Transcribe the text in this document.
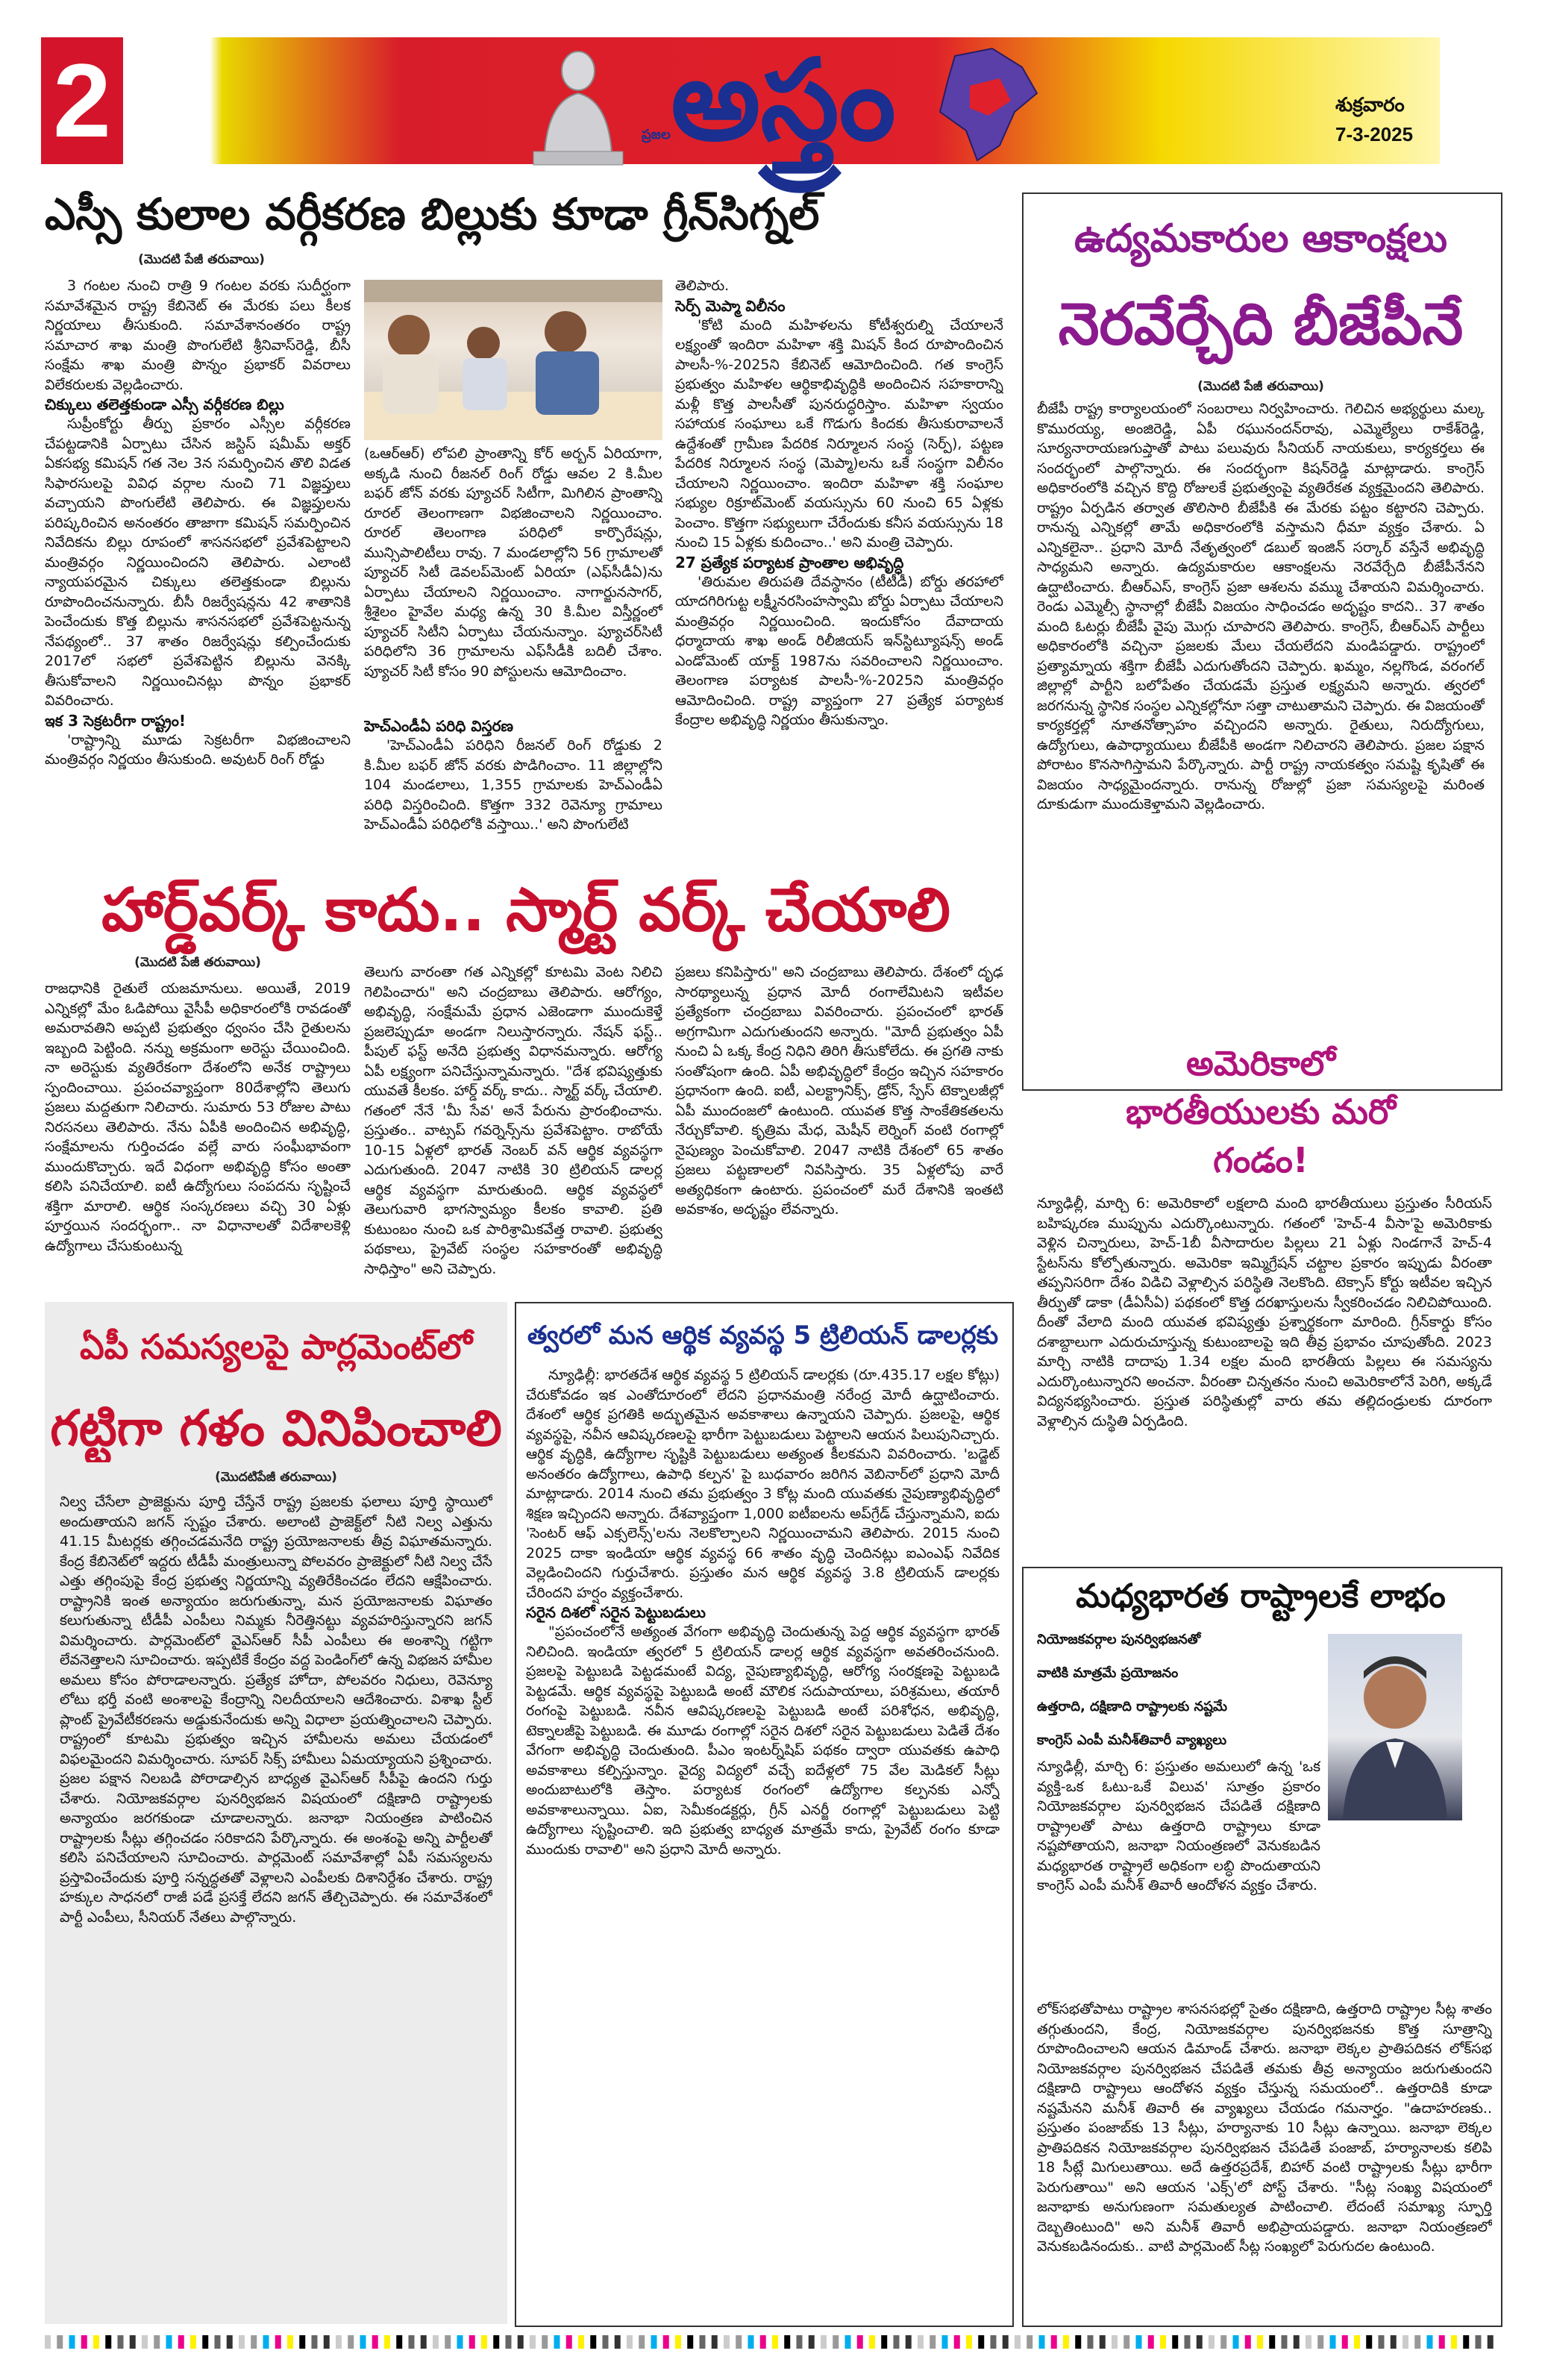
2	అస్త్రం
ప్రజల
శుక్రవారం
7-3-2025
ఎస్సీ కులాల వర్గీకరణ బిల్లుకు కూడా గ్రీన్‌సిగ్నల్
(మొదటి పేజీ తరువాయి)

3 గంటల నుంచి రాత్రి 9 గంటల వరకు సుదీర్ఘంగా సమావేశమైన రాష్ట్ర కేబినెట్ ఈ మేరకు పలు కీలక నిర్ణయాలు తీసుకుంది. సమావేశానంతరం రాష్ట్ర సమాచార శాఖ మంత్రి పొంగులేటి శ్రీనివాస్‌రెడ్డి, బీసీ సంక్షేమ శాఖ మంత్రి పొన్నం ప్రభాకర్ వివరాలు విలేకరులకు వెల్లడించారు.

చిక్కులు తలెత్తకుండా ఎస్సీ వర్గీకరణ బిల్లు

సుప్రీంకోర్టు తీర్పు ప్రకారం ఎస్సీల వర్గీకరణ చేపట్టడానికి ఏర్పాటు చేసిన జస్టిస్ షమీమ్ అక్తర్ ఏకసభ్య కమిషన్ గత నెల 3న సమర్పించిన తొలి విడత సిఫారసులపై వివిధ వర్గాల నుంచి 71 విజ్ఞప్తులు వచ్చాయని పొంగులేటి తెలిపారు. ఈ విజ్ఞప్తులను పరిష్కరించిన అనంతరం తాజాగా కమిషన్ సమర్పించిన నివేదికను బిల్లు రూపంలో శాసనసభలో ప్రవేశపెట్టాలని మంత్రివర్గం నిర్ణయించిందని తెలిపారు. ఎలాంటి న్యాయపరమైన చిక్కులు తలెత్తకుండా బిల్లును రూపొందించనున్నారు. బీసీ రిజర్వేషన్లను 42 శాతానికి పెంచేందుకు కొత్త బిల్లును శాసనసభలో ప్రవేశపెట్టనున్న నేపథ్యంలో.. 37 శాతం రిజర్వేషన్లు కల్పించేందుకు 2017లో సభలో ప్రవేశపెట్టిన బిల్లును వెనక్కి తీసుకోవాలని నిర్ణయించినట్లు పొన్నం ప్రభాకర్ వివరించారు.

ఇక 3 సెక్రటరీగా రాష్ట్రం!

'రాష్ట్రాన్ని మూడు సెక్రటరీగా విభజించాలని మంత్రివర్గం నిర్ణయం తీసుకుంది. అవుటర్ రింగ్ రోడ్డు

(ఒఆర్‌ఆర్) లోపలి ప్రాంతాన్ని కోర్ అర్బన్ ఏరియాగా, అక్కడి నుంచి రీజనల్ రింగ్ రోడ్డు ఆవల 2 కి.మీల బఫర్ జోన్ వరకు ప్యూచర్ సిటీగా, మిగిలిన ప్రాంతాన్ని రూరల్ తెలంగాణగా విభజించాలని నిర్ణయించాం. రూరల్ తెలంగాణ పరిధిలో కార్పొరేషన్లు, మున్సిపాలిటీలు రావు. 7 మండలాల్లోని 56 గ్రామాలతో ప్యూచర్ సిటీ డెవలప్‌మెంట్ ఏరియా (ఎఫ్‌సీడీఏ)ను ఏర్పాటు చేయాలని నిర్ణయించాం. నాగార్జునసాగర్, శ్రీశైలం హైవేల మధ్య ఉన్న 30 కి.మీల విస్తీర్ణంలో ప్యూచర్ సిటీని ఏర్పాటు చేయనున్నాం. ప్యూచర్‌సిటీ పరిధిలోని 36 గ్రామాలను ఎఫ్‌సీడీకి బదిలీ చేశాం. ప్యూచర్ సిటీ కోసం 90 పోస్టులను ఆమోదించాం.
హెచ్‌ఎండీఏ పరిధి విస్తరణ

'హెచ్‌ఎండీఏ పరిధిని రీజనల్ రింగ్ రోడ్డుకు 2 కి.మీల బఫర్ జోన్ వరకు పొడిగించాం. 11 జిల్లాల్లోని 104 మండలాలు, 1,355 గ్రామాలకు హెచ్‌ఎండీఏ పరిధి విస్తరించింది. కొత్తగా 332 రెవెన్యూ గ్రామాలు హెచ్‌ఎండీఏ పరిధిలోకి వస్తాయి..' అని పొంగులేటి

తెలిపారు.

సెర్ప్ మెప్మా విలీనం

'కోటి మంది మహిళలను కోటీశ్వరుల్ని చేయాలనే లక్ష్యంతో ఇందిరా మహిళా శక్తి మిషన్ కింద రూపొందించిన పాలసీ-%-2025ని కేబినెట్ ఆమోదించింది. గత కాంగ్రెస్ ప్రభుత్వం మహిళల ఆర్థికాభివృద్ధికి అందించిన సహకారాన్ని మళ్లీ కొత్త పాలసీతో పునరుద్ధరిస్తాం. మహిళా స్వయం సహాయక సంఘాలు ఒకే గొడుగు కిందకు తీసుకురావాలనే ఉద్దేశంతో గ్రామీణ పేదరిక నిర్మూలన సంస్థ (సెర్ప్), పట్టణ పేదరిక నిర్మూలన సంస్థ (మెప్మా)లను ఒకే సంస్థగా విలీనం చేయాలని నిర్ణయించాం. ఇందిరా మహిళా శక్తి సంఘాల సభ్యుల రిక్రూట్‌మెంట్ వయస్సును 60 నుంచి 65 ఏళ్లకు పెంచాం. కొత్తగా సభ్యులుగా చేరేందుకు కనీస వయస్సును 18 నుంచి 15 ఏళ్లకు కుదించాం..' అని మంత్రి చెప్పారు.

27 ప్రత్యేక పర్యాటక ప్రాంతాల అభివృద్ధి

'తిరుమల తిరుపతి దేవస్థానం (టీటీడీ) బోర్డు తరహాలో యాదగిరిగుట్ట లక్ష్మీనరసింహస్వామి బోర్డు ఏర్పాటు చేయాలని మంత్రివర్గం నిర్ణయించింది. ఇందుకోసం దేవాదాయ ధర్మాదాయ శాఖ అండ్ రిలీజియస్ ఇన్‌స్టిట్యూషన్స్ అండ్ ఎండోమెంట్ యాక్ట్ 1987ను సవరించాలని నిర్ణయించాం. తెలంగాణ పర్యాటక పాలసీ-%-2025ని మంత్రివర్గం ఆమోదించింది. రాష్ట్ర వ్యాప్తంగా 27 ప్రత్యేక పర్యాటక కేంద్రాల అభివృద్ధి నిర్ణయం తీసుకున్నాం.

హార్డ్‌వర్క్ కాదు.. స్మార్ట్ వర్క్ చేయాలి
(మొదటి పేజీ తరువాయి)
రాజధానికి రైతులే యజమానులు. అయితే, 2019 ఎన్నికల్లో మేం ఓడిపోయి వైసీపీ అధికారంలోకి రావడంతో అమరావతిని అప్పటి ప్రభుత్వం ధ్వంసం చేసి రైతులను ఇబ్బంది పెట్టింది. నన్ను అక్రమంగా అరెస్టు చేయించింది. నా అరెస్టుకు వ్యతిరేకంగా దేశంలోని అనేక రాష్ట్రాలు స్పందించాయి. ప్రపంచవ్యాప్తంగా 80దేశాల్లోని తెలుగు ప్రజలు మద్దతుగా నిలిచారు. సుమారు 53 రోజుల పాటు నిరసనలు తెలిపారు. నేను ఏపీకి అందించిన అభివృద్ధి, సంక్షేమాలను గుర్తించడం వల్లే వారు సంఘీభావంగా ముందుకొచ్చారు. ఇదే విధంగా అభివృద్ధి కోసం అంతా కలిసి పనిచేయాలి. ఐటీ ఉద్యోగులు సంపదను సృష్టించే శక్తిగా మారాలి. ఆర్థిక సంస్కరణలు వచ్చి 30 ఏళ్లు పూర్తయిన సందర్భంగా.. నా విధానాలతో విదేశాలకెళ్లి ఉద్యోగాలు చేసుకుంటున్న
తెలుగు వారంతా గత ఎన్నికల్లో కూటమి వెంట నిలిచి గెలిపించారు" అని చంద్రబాబు తెలిపారు. ఆరోగ్యం, అభివృద్ధి, సంక్షేమమే ప్రధాన ఎజెండాగా ముందుకెళ్తే ప్రజలెప్పుడూ అండగా నిలుస్తారన్నారు. నేషన్ ఫస్ట్.. పీపుల్ ఫస్ట్ అనేది ప్రభుత్వ విధానమన్నారు. ఆరోగ్య ఏపీ లక్ష్యంగా పనిచేస్తున్నామన్నారు. "దేశ భవిష్యత్తుకు యువతే కీలకం. హార్డ్ వర్క్ కాదు.. స్మార్ట్ వర్క్ చేయాలి. గతంలో నేనే 'మీ సేవ' అనే పేరును ప్రారంభించాను. ప్రస్తుతం.. వాట్సప్ గవర్నెన్స్‌ను ప్రవేశపెట్టాం. రాబోయే 10-15 ఏళ్లలో భారత్ నెంబర్ వన్ ఆర్థిక వ్యవస్థగా ఎదుగుతుంది. 2047 నాటికి 30 ట్రిలియన్ డాలర్ల ఆర్థిక వ్యవస్థగా మారుతుంది. ఆర్థిక వ్యవస్థలో తెలుగువారి భాగస్వామ్యం కీలకం కావాలి. ప్రతి కుటుంబం నుంచి ఒక పారిశ్రామికవేత్త రావాలి. ప్రభుత్వ పథకాలు, ప్రైవేట్ సంస్థల సహకారంతో అభివృద్ధి సాధిస్తాం" అని చెప్పారు.
ప్రజలు కనిపిస్తారు" అని చంద్రబాబు తెలిపారు. దేశంలో దృఢ సారథ్యాలున్న ప్రధాన మోదీ రంగాలేమిటని ఇటీవల ప్రత్యేకంగా చంద్రబాబు వివరించారు. ప్రపంచంలో భారత్ అగ్రగామిగా ఎదుగుతుందని అన్నారు. "మోదీ ప్రభుత్వం ఏపీ నుంచి ఏ ఒక్క కేంద్ర నిధిని తిరిగి తీసుకోలేదు. ఈ ప్రగతి నాకు సంతోషంగా ఉంది. ఏపీ అభివృద్ధిలో కేంద్రం ఇచ్చిన సహకారం ప్రధానంగా ఉంది. ఐటీ, ఎలక్ట్రానిక్స్, డ్రోన్, స్పేస్ టెక్నాలజీల్లో ఏపీ ముందంజలో ఉంటుంది. యువత కొత్త సాంకేతికతలను నేర్చుకోవాలి. కృత్రిమ మేధ, మెషీన్ లెర్నింగ్ వంటి రంగాల్లో నైపుణ్యం పెంచుకోవాలి. 2047 నాటికి దేశంలో 65 శాతం ప్రజలు పట్టణాలలో నివసిస్తారు. 35 ఏళ్లలోపు వారే అత్యధికంగా ఉంటారు. ప్రపంచంలో మరే దేశానికి ఇంతటి అవకాశం, అదృష్టం లేవన్నారు.
ఉద్యమకారుల ఆకాంక్షలు
నెరవేర్చేది బీజేపీనే
(మొదటి పేజీ తరువాయి)
బీజేపీ రాష్ట్ర కార్యాలయంలో సంబరాలు నిర్వహించారు. గెలిచిన అభ్యర్థులు మల్క కొమురయ్య, అంజిరెడ్డి, ఏపీ రఘునందన్‌రావు, ఎమ్మెల్యేలు రాకేశ్‌రెడ్డి, సూర్యనారాయణగుప్తాతో పాటు పలువురు సీనియర్ నాయకులు, కార్యకర్తలు ఈ సందర్భంలో పాల్గొన్నారు. ఈ సందర్భంగా కిషన్‌రెడ్డి మాట్లాడారు. కాంగ్రెస్ అధికారంలోకి వచ్చిన కొద్ది రోజులకే ప్రభుత్వంపై వ్యతిరేకత వ్యక్తమైందని తెలిపారు. రాష్ట్రం ఏర్పడిన తర్వాత తొలిసారి బీజేపీకి ఈ మేరకు పట్టం కట్టారని చెప్పారు. రానున్న ఎన్నికల్లో తామే అధికారంలోకి వస్తామని ధీమా వ్యక్తం చేశారు. ఏ ఎన్నికలైనా.. ప్రధాని మోదీ నేతృత్వంలో డబుల్ ఇంజిన్ సర్కార్ వస్తేనే అభివృద్ధి సాధ్యమని అన్నారు. ఉద్యమకారుల ఆకాంక్షలను నెరవేర్చేది బీజేపీనేనని ఉద్ఘాటించారు. బీఆర్ఎస్, కాంగ్రెస్ ప్రజా ఆశలను వమ్ము చేశాయని విమర్శించారు. రెండు ఎమ్మెల్సీ స్థానాల్లో బీజేపీ విజయం సాధించడం అదృష్టం కాదని.. 37 శాతం మంది ఓటర్లు బీజేపీ వైపు మొగ్గు చూపారని తెలిపారు. కాంగ్రెస్, బీఆర్ఎస్ పార్టీలు అధికారంలోకి వచ్చినా ప్రజలకు మేలు చేయలేదని మండిపడ్డారు. రాష్ట్రంలో ప్రత్యామ్నాయ శక్తిగా బీజేపీ ఎదుగుతోందని చెప్పారు. ఖమ్మం, నల్లగొండ, వరంగల్ జిల్లాల్లో పార్టీని బలోపేతం చేయడమే ప్రస్తుత లక్ష్యమని అన్నారు. త్వరలో జరగనున్న స్థానిక సంస్థల ఎన్నికల్లోనూ సత్తా చాటుతామని చెప్పారు. ఈ విజయంతో కార్యకర్తల్లో నూతనోత్సాహం వచ్చిందని అన్నారు. రైతులు, నిరుద్యోగులు, ఉద్యోగులు, ఉపాధ్యాయులు బీజేపీకి అండగా నిలిచారని తెలిపారు. ప్రజల పక్షాన పోరాటం కొనసాగిస్తామని పేర్కొన్నారు. పార్టీ రాష్ట్ర నాయకత్వం సమష్టి కృషితో ఈ విజయం సాధ్యమైందన్నారు. రానున్న రోజుల్లో ప్రజా సమస్యలపై మరింత దూకుడుగా ముందుకెళ్తామని వెల్లడించారు.
అమెరికాలో
భారతీయులకు మరో
గండం!
న్యూఢిల్లీ, మార్చి 6: అమెరికాలో లక్షలాది మంది భారతీయులు ప్రస్తుతం సీరియస్ బహిష్కరణ ముప్పును ఎదుర్కొంటున్నారు. గతంలో 'హెచ్-4 వీసా'పై అమెరికాకు వెళ్లిన చిన్నారులు, హెచ్-1బీ వీసాదారుల పిల్లలు 21 ఏళ్లు నిండగానే హెచ్-4 స్టేటస్‌ను కోల్పోతున్నారు. అమెరికా ఇమ్మిగ్రేషన్ చట్టాల ప్రకారం ఇప్పుడు వీరంతా తప్పనిసరిగా దేశం విడిచి వెళ్లాల్సిన పరిస్థితి నెలకొంది. టెక్సాస్ కోర్టు ఇటీవల ఇచ్చిన తీర్పుతో డాకా (డీఏసీఏ) పథకంలో కొత్త దరఖాస్తులను స్వీకరించడం నిలిచిపోయింది. దీంతో వేలాది మంది యువత భవిష్యత్తు ప్రశ్నార్థకంగా మారింది. గ్రీన్‌కార్డు కోసం దశాబ్దాలుగా ఎదురుచూస్తున్న కుటుంబాలపై ఇది తీవ్ర ప్రభావం చూపుతోంది. 2023 మార్చి నాటికి దాదాపు 1.34 లక్షల మంది భారతీయ పిల్లలు ఈ సమస్యను ఎదుర్కొంటున్నారని అంచనా. వీరంతా చిన్నతనం నుంచి అమెరికాలోనే పెరిగి, అక్కడే విద్యనభ్యసించారు. ప్రస్తుత పరిస్థితుల్లో వారు తమ తల్లిదండ్రులకు దూరంగా వెళ్లాల్సిన దుస్థితి ఏర్పడింది.
ఏపీ సమస్యలపై పార్లమెంట్‌లో
గట్టిగా గళం వినిపించాలి
(మొదటిపేజీ తరువాయి)
నిల్వ చేసేలా ప్రాజెక్టును పూర్తి చేస్తేనే రాష్ట్ర ప్రజలకు ఫలాలు పూర్తి స్థాయిలో అందుతాయని జగన్ స్పష్టం చేశారు. అలాంటి ప్రాజెక్ట్‌లో నీటి నిల్వ ఎత్తును 41.15 మీటర్లకు తగ్గించడమనేది రాష్ట్ర ప్రయోజనాలకు తీవ్ర విఘాతమన్నారు. కేంద్ర కేబినెట్‌లో ఇద్దరు టీడీపీ మంత్రులున్నా పోలవరం ప్రాజెక్టులో నీటి నిల్వ చేసే ఎత్తు తగ్గింపుపై కేంద్ర ప్రభుత్వ నిర్ణయాన్ని వ్యతిరేకించడం లేదని ఆక్షేపించారు. రాష్ట్రానికి ఇంత అన్యాయం జరుగుతున్నా, మన ప్రయోజనాలకు విఘాతం కలుగుతున్నా టీడీపీ ఎంపీలు నిమ్మకు నీరెత్తినట్టు వ్యవహరిస్తున్నారని జగన్ విమర్శించారు. పార్లమెంట్‌లో వైఎస్ఆర్ సీపీ ఎంపీలు ఈ అంశాన్ని గట్టిగా లేవనెత్తాలని సూచించారు. ఇప్పటికే కేంద్రం వద్ద పెండింగ్‌లో ఉన్న విభజన హామీల అమలు కోసం పోరాడాలన్నారు. ప్రత్యేక హోదా, పోలవరం నిధులు, రెవెన్యూ లోటు భర్తీ వంటి అంశాలపై కేంద్రాన్ని నిలదీయాలని ఆదేశించారు. విశాఖ స్టీల్ ప్లాంట్ ప్రైవేటీకరణను అడ్డుకునేందుకు అన్ని విధాలా ప్రయత్నించాలని చెప్పారు. రాష్ట్రంలో కూటమి ప్రభుత్వం ఇచ్చిన హామీలను అమలు చేయడంలో విఫలమైందని విమర్శించారు. సూపర్ సిక్స్ హామీలు ఏమయ్యాయని ప్రశ్నించారు. ప్రజల పక్షాన నిలబడి పోరాడాల్సిన బాధ్యత వైఎస్ఆర్ సీపీపై ఉందని గుర్తు చేశారు. నియోజకవర్గాల పునర్విభజన విషయంలో దక్షిణాది రాష్ట్రాలకు అన్యాయం జరగకుండా చూడాలన్నారు. జనాభా నియంత్రణ పాటించిన రాష్ట్రాలకు సీట్లు తగ్గించడం సరికాదని పేర్కొన్నారు. ఈ అంశంపై అన్ని పార్టీలతో కలిసి పనిచేయాలని సూచించారు. పార్లమెంట్ సమావేశాల్లో ఏపీ సమస్యలను ప్రస్తావించేందుకు పూర్తి సన్నద్ధతతో వెళ్లాలని ఎంపీలకు దిశానిర్దేశం చేశారు. రాష్ట్ర హక్కుల సాధనలో రాజీ పడే ప్రసక్తే లేదని జగన్ తేల్చిచెప్పారు. ఈ సమావేశంలో పార్టీ ఎంపీలు, సీనియర్ నేతలు పాల్గొన్నారు.
త్వరలో మన ఆర్థిక వ్యవస్థ 5 ట్రిలియన్ డాలర్లకు

న్యూఢిల్లీ: భారతదేశ ఆర్థిక వ్యవస్థ 5 ట్రిలియన్ డాలర్లకు (రూ.435.17 లక్షల కోట్లు) చేరుకోవడం ఇక ఎంతోదూరంలో లేదని ప్రధానమంత్రి నరేంద్ర మోదీ ఉద్ఘాటించారు. దేశంలో ఆర్థిక ప్రగతికి అద్భుతమైన అవకాశాలు ఉన్నాయని చెప్పారు. ప్రజలపై, ఆర్థిక వ్యవస్థపై, నవీన ఆవిష్కరణలపై భారీగా పెట్టుబడులు పెట్టాలని ఆయన పిలుపునిచ్చారు. ఆర్థిక వృద్ధికి, ఉద్యోగాల సృష్టికి పెట్టుబడులు అత్యంత కీలకమని వివరించారు. 'బడ్జెట్ అనంతరం ఉద్యోగాలు, ఉపాధి కల్పన' పై బుధవారం జరిగిన వెబినార్‌లో ప్రధాని మోదీ మాట్లాడారు. 2014 నుంచి తమ ప్రభుత్వం 3 కోట్ల మంది యువతకు నైపుణ్యాభివృద్ధిలో శిక్షణ ఇచ్చిందని అన్నారు. దేశవ్యాప్తంగా 1,000 ఐటీఐలను అప్‌గ్రేడ్ చేస్తున్నామని, ఐదు 'సెంటర్ ఆఫ్ ఎక్సలెన్స్'లను నెలకొల్పాలని నిర్ణయించామని తెలిపారు. 2015 నుంచి 2025 దాకా ఇండియా ఆర్థిక వ్యవస్థ 66 శాతం వృద్ధి చెందినట్లు ఐఎంఎఫ్ నివేదిక వెల్లడించిందని గుర్తుచేశారు. ప్రస్తుతం మన ఆర్థిక వ్యవస్థ 3.8 ట్రిలియన్ డాలర్లకు చేరిందని హర్షం వ్యక్తంచేశారు.

సరైన దిశలో సరైన పెట్టుబడులు

"ప్రపంచంలోనే అత్యంత వేగంగా అభివృద్ధి చెందుతున్న పెద్ద ఆర్థిక వ్యవస్థగా భారత్ నిలిచింది. ఇండియా త్వరలో 5 ట్రిలియన్ డాలర్ల ఆర్థిక వ్యవస్థగా అవతరించనుంది. ప్రజలపై పెట్టుబడి పెట్టడమంటే విద్య, నైపుణ్యాభివృద్ధి, ఆరోగ్య సంరక్షణపై పెట్టుబడి పెట్టడమే. ఆర్థిక వ్యవస్థపై పెట్టుబడి అంటే మౌలిక సదుపాయాలు, పరిశ్రమలు, తయారీ రంగంపై పెట్టుబడి. నవీన ఆవిష్కరణలపై పెట్టుబడి అంటే పరిశోధన, అభివృద్ధి, టెక్నాలజీపై పెట్టుబడి. ఈ మూడు రంగాల్లో సరైన దిశలో సరైన పెట్టుబడులు పెడితే దేశం వేగంగా అభివృద్ధి చెందుతుంది. పీఎం ఇంటర్న్‌షిప్ పథకం ద్వారా యువతకు ఉపాధి అవకాశాలు కల్పిస్తున్నాం. వైద్య విద్యలో వచ్చే ఐదేళ్లలో 75 వేల మెడికల్ సీట్లు అందుబాటులోకి తెస్తాం. పర్యాటక రంగంలో ఉద్యోగాల కల్పనకు ఎన్నో అవకాశాలున్నాయి. ఏఐ, సెమీకండక్టర్లు, గ్రీన్ ఎనర్జీ రంగాల్లో పెట్టుబడులు పెట్టి ఉద్యోగాలు సృష్టించాలి. ఇది ప్రభుత్వ బాధ్యత మాత్రమే కాదు, ప్రైవేట్ రంగం కూడా ముందుకు రావాలి" అని ప్రధాని మోదీ అన్నారు.

మధ్యభారత రాష్ట్రాలకే లాభం
నియోజకవర్గాల పునర్విభజనతో
వాటికి మాత్రమే ప్రయోజనం
ఉత్తరాది, దక్షిణాది రాష్ట్రాలకు నష్టమే
కాంగ్రెస్ ఎంపీ మనీశ్‌తివారీ వ్యాఖ్యలు
న్యూఢిల్లీ, మార్చి 6: ప్రస్తుతం అమలులో ఉన్న 'ఒక వ్యక్తి-ఒక ఓటు-ఒకే విలువ' సూత్రం ప్రకారం నియోజకవర్గాల పునర్విభజన చేపడితే దక్షిణాది రాష్ట్రాలతో పాటు ఉత్తరాది రాష్ట్రాలు కూడా నష్టపోతాయని, జనాభా నియంత్రణలో వెనుకబడిన మధ్యభారత రాష్ట్రాలే అధికంగా లబ్ధి పొందుతాయని కాంగ్రెస్ ఎంపీ మనీశ్ తివారీ ఆందోళన వ్యక్తం చేశారు.
లోక్‌సభతోపాటు రాష్ట్రాల శాసనసభల్లో సైతం దక్షిణాది, ఉత్తరాది రాష్ట్రాల సీట్ల శాతం తగ్గుతుందని, కేంద్ర, నియోజకవర్గాల పునర్విభజనకు కొత్త సూత్రాన్ని రూపొందించాలని ఆయన డిమాండ్ చేశారు. జనాభా లెక్కల ప్రాతిపదికన లోక్‌సభ నియోజకవర్గాల పునర్విభజన చేపడితే తమకు తీవ్ర అన్యాయం జరుగుతుందని దక్షిణాది రాష్ట్రాలు ఆందోళన వ్యక్తం చేస్తున్న సమయంలో.. ఉత్తరాదికి కూడా నష్టమేనని మనీశ్ తివారీ ఈ వ్యాఖ్యలు చేయడం గమనార్హం. "ఉదాహరణకు.. ప్రస్తుతం పంజాబ్‌కు 13 సీట్లు, హర్యానాకు 10 సీట్లు ఉన్నాయి. జనాభా లెక్కల ప్రాతిపదికన నియోజకవర్గాల పునర్విభజన చేపడితే పంజాబ్, హర్యానాలకు కలిపి 18 సీట్లే మిగులుతాయి. అదే ఉత్తరప్రదేశ్, బిహార్ వంటి రాష్ట్రాలకు సీట్లు భారీగా పెరుగుతాయి" అని ఆయన 'ఎక్స్'లో పోస్ట్ చేశారు. "సీట్ల సంఖ్య విషయంలో జనాభాకు అనుగుణంగా సమతుల్యత పాటించాలి. లేదంటే సమాఖ్య స్ఫూర్తి దెబ్బతింటుంది" అని మనీశ్ తివారీ అభిప్రాయపడ్డారు. జనాభా నియంత్రణలో వెనుకబడినందుకు.. వాటి పార్లమెంట్ సీట్ల సంఖ్యలో పెరుగుదల ఉంటుంది.
